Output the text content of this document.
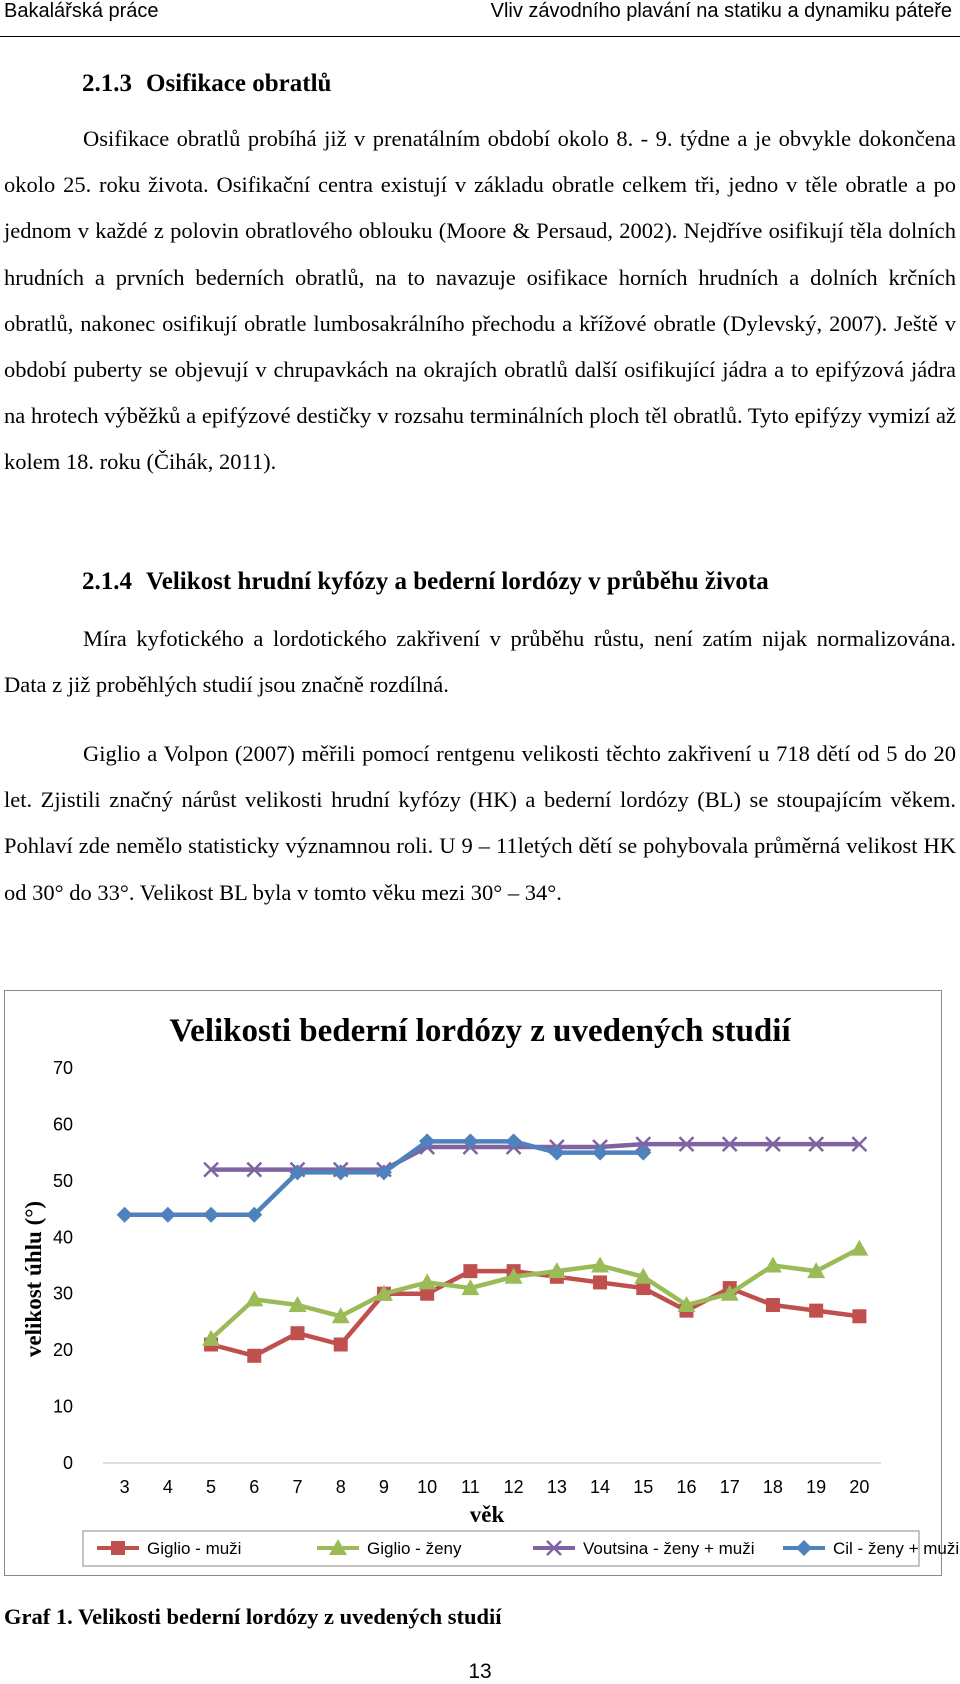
Bakalářská práce	Vliv závodního plavání na statiku a dynamiku páteře
2.1.3 Osifikace obratlů

Osifikace obratlů probíhá již v prenatálním období okolo 8. - 9. týdne a je obvykle dokončena okolo 25. roku života. Osifikační centra existují v základu obratle celkem tři, jedno v těle obratle a po jednom v každé z polovin obratlového oblouku (Moore & Persaud, 2002). Nejdříve osifikují těla dolních hrudních a prvních bederních obratlů, na to navazuje osifikace horních hrudních a dolních krčních obratlů, nakonec osifikují obratle lumbosakrálního přechodu a křížové obratle (Dylevský, 2007). Ještě v období puberty se objevují v chrupavkách na okrajích obratlů další osifikující jádra a to epifýzová jádra na hrotech výběžků a epifýzové destičky v rozsahu terminálních ploch těl obratlů. Tyto epifýzy vymizí až kolem 18. roku (Čihák, 2011).

2.1.4 Velikost hrudní kyfózy a bederní lordózy v průběhu života

Míra kyfotického a lordotického zakřivení v průběhu růstu, není zatím nijak normalizována. Data z již proběhlých studií jsou značně rozdílná.

Giglio a Volpon (2007) měřili pomocí rentgenu velikosti těchto zakřivení u 718 dětí od 5 do 20 let. Zjistili značný nárůst velikosti hrudní kyfózy (HK) a bederní lordózy (BL) se stoupajícím věkem. Pohlaví zde nemělo statisticky významnou roli. U 9 – 11letých dětí se pohybovala průměrná velikost HK od 30° do 33°. Velikost BL byla v tomto věku mezi 30° – 34°.

Velikosti bederní lordózy z uvedených studií
0
10
20
30
40
50
60
70
3 4 5 6 7 8 9 10 11 12 13 14 15 16 17 18 19 20
věk
velikost úhlu (°)
Giglio - muži	Giglio - ženy	Voutsina - ženy + muži	Cil - ženy + muži
Graf 1. Velikosti bederní lordózy z uvedených studií
13
